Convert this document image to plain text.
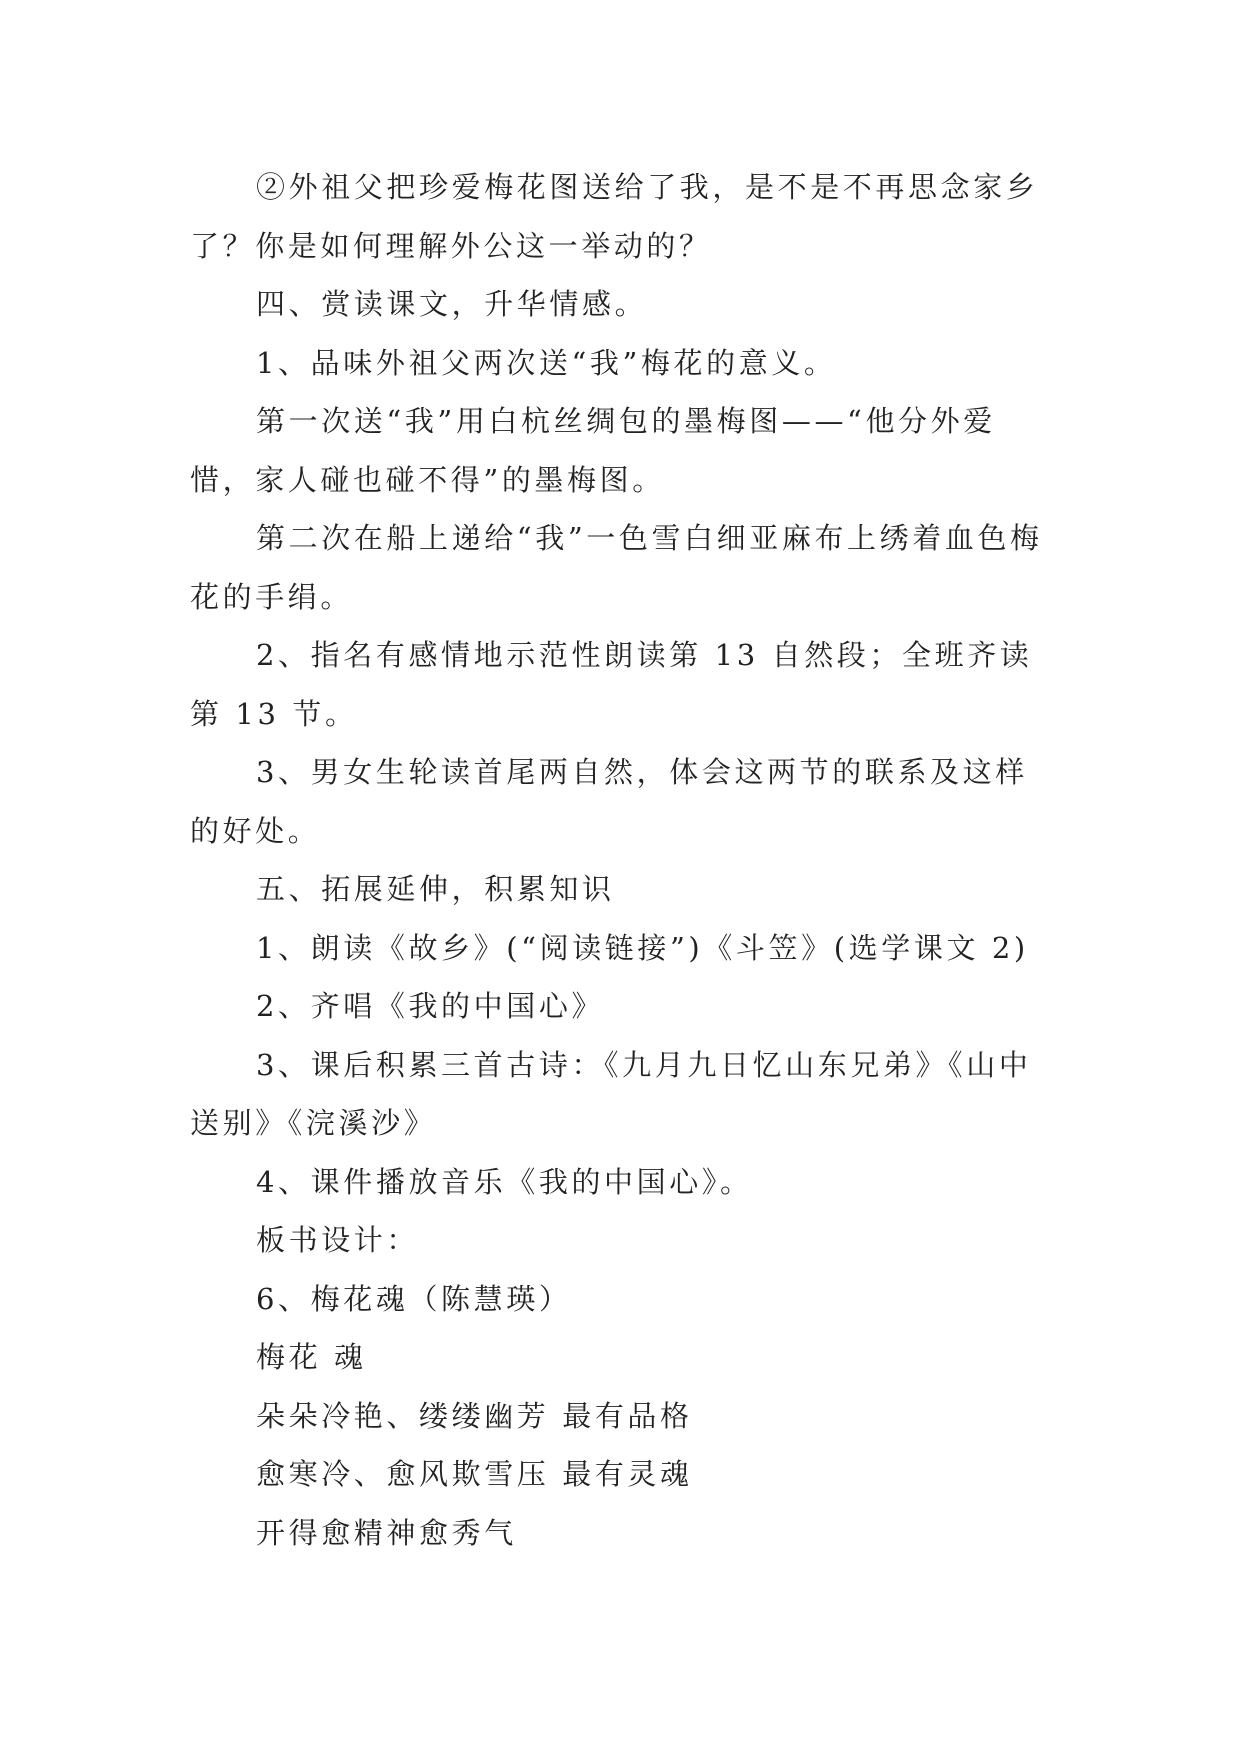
②外祖父把珍爱梅花图送给了我，是不是不再思念家乡了？你是如何理解外公这一举动的？

四、赏读课文，升华情感。

1、品味外祖父两次送“我”梅花的意义。

第一次送“我”用白杭丝绸包的墨梅图——“他分外爱惜，家人碰也碰不得”的墨梅图。

第二次在船上递给“我”一色雪白细亚麻布上绣着血色梅花的手绢。

2、指名有感情地示范性朗读第 13 自然段；全班齐读第 13 节。

3、男女生轮读首尾两自然，体会这两节的联系及这样的好处。

五、拓展延伸，积累知识

1、朗读《故乡》(“阅读链接”)《斗笠》(选学课文 2)

2、齐唱《我的中国心》

3、课后积累三首古诗：《九月九日忆山东兄弟》《山中送别》《浣溪沙》

4、课件播放音乐《我的中国心》。

板书设计：

6、梅花魂（陈慧瑛）

梅花 魂

朵朵冷艳、缕缕幽芳 最有品格

愈寒冷、愈风欺雪压 最有灵魂

开得愈精神愈秀气
